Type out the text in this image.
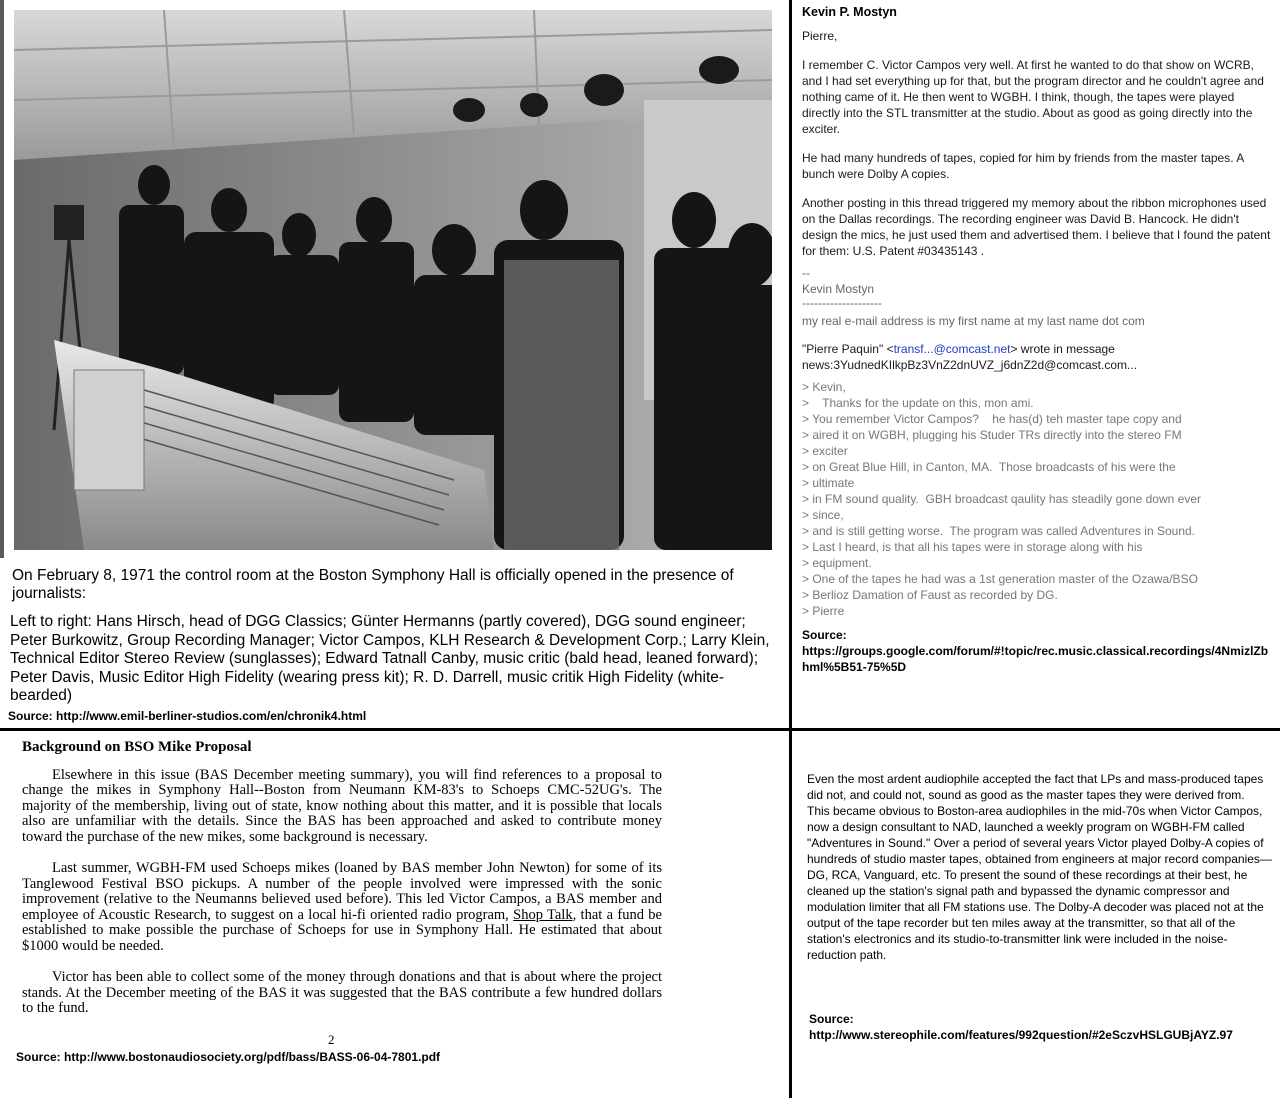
On February 8, 1971 the control room at the Boston Symphony Hall is officially opened in the presence of journalists:
Left to right: Hans Hirsch, head of DGG Classics; Günter Hermanns (partly covered), DGG sound engineer; Peter Burkowitz, Group Recording Manager; Victor Campos, KLH Research & Development Corp.; Larry Klein, Technical Editor Stereo Review (sunglasses); Edward Tatnall Canby, music critic (bald head, leaned forward); Peter Davis, Music Editor High Fidelity (wearing press kit); R. D. Darrell, music critik High Fidelity (white-bearded)
Source: http://www.emil-berliner-studios.com/en/chronik4.html
Kevin P. Mostyn

Pierre,

I remember C. Victor Campos very well. At first he wanted to do that show on WCRB, and I had set everything up for that, but the program director and he couldn't agree and nothing came of it. He then went to WGBH. I think, though, the tapes were played directly into the STL transmitter at the studio. About as good as going directly into the exciter.

He had many hundreds of tapes, copied for him by friends from the master tapes. A bunch were Dolby A copies.

Another posting in this thread triggered my memory about the ribbon microphones used on the Dallas recordings. The recording engineer was David B. Hancock. He didn't design the mics, he just used them and advertised them. I believe that I found the patent for them: U.S. Patent #03435143 .

--

Kevin Mostyn

--------------------

my real e-mail address is my first name at my last name dot com

"Pierre Paquin" <transf...@comcast.net> wrote in message news:3YudnedKIlkpBz3VnZ2dnUVZ_j6dnZ2d@comcast.com...

> Kevin,

>    Thanks for the update on this, mon ami.

> You remember Victor Campos?    he has(d) teh master tape copy and

> aired it on WGBH, plugging his Studer TRs directly into the stereo FM

> exciter

> on Great Blue Hill, in Canton, MA.  Those broadcasts of his were the

> ultimate

> in FM sound quality.  GBH broadcast qaulity has steadily gone down ever

> since,

> and is still getting worse.  The program was called Adventures in Sound.

> Last I heard, is that all his tapes were in storage along with his

> equipment.

> One of the tapes he had was a 1st generation master of the Ozawa/BSO

> Berlioz Damation of Faust as recorded by DG.

> Pierre

Source:
https://groups.google.com/forum/#!topic/rec.music.classical.recordings/4NmizlZbhml%5B51-75%5D
Background on BSO Mike Proposal

Elsewhere in this issue (BAS December meeting summary), you will find references to a proposal to change the mikes in Symphony Hall--Boston from Neumann KM-83's to Schoeps CMC-52UG's. The majority of the membership, living out of state, know nothing about this matter, and it is possible that locals also are unfamiliar with the details. Since the BAS has been approached and asked to contribute money toward the purchase of the new mikes, some background is necessary.

Last summer, WGBH-FM used Schoeps mikes (loaned by BAS member John Newton) for some of its Tanglewood Festival BSO pickups. A number of the people involved were impressed with the sonic improvement (relative to the Neumanns believed used before). This led Victor Campos, a BAS member and employee of Acoustic Research, to suggest on a local hi-fi oriented radio program, Shop Talk, that a fund be established to make possible the purchase of Schoeps for use in Symphony Hall. He estimated that about $1000 would be needed.

Victor has been able to collect some of the money through donations and that is about where the project stands. At the December meeting of the BAS it was suggested that the BAS contribute a few hundred dollars to the fund.

2
Source: http://www.bostonaudiosociety.org/pdf/bass/BASS-06-04-7801.pdf

Even the most ardent audiophile accepted the fact that LPs and mass-produced tapes did not, and could not, sound as good as the master tapes they were derived from.

This became obvious to Boston-area audiophiles in the mid-70s when Victor Campos, now a design consultant to NAD, launched a weekly program on WGBH-FM called "Adventures in Sound." Over a period of several years Victor played Dolby-A copies of hundreds of studio master tapes, obtained from engineers at major record companies—DG, RCA, Vanguard, etc. To present the sound of these recordings at their best, he cleaned up the station's signal path and bypassed the dynamic compressor and modulation limiter that all FM stations use. The Dolby-A decoder was placed not at the output of the tape recorder but ten miles away at the transmitter, so that all of the station's electronics and its studio-to-transmitter link were included in the noise-reduction path.

Source:
http://www.stereophile.com/features/992question/#2eSczvHSLGUBjAYZ.97
